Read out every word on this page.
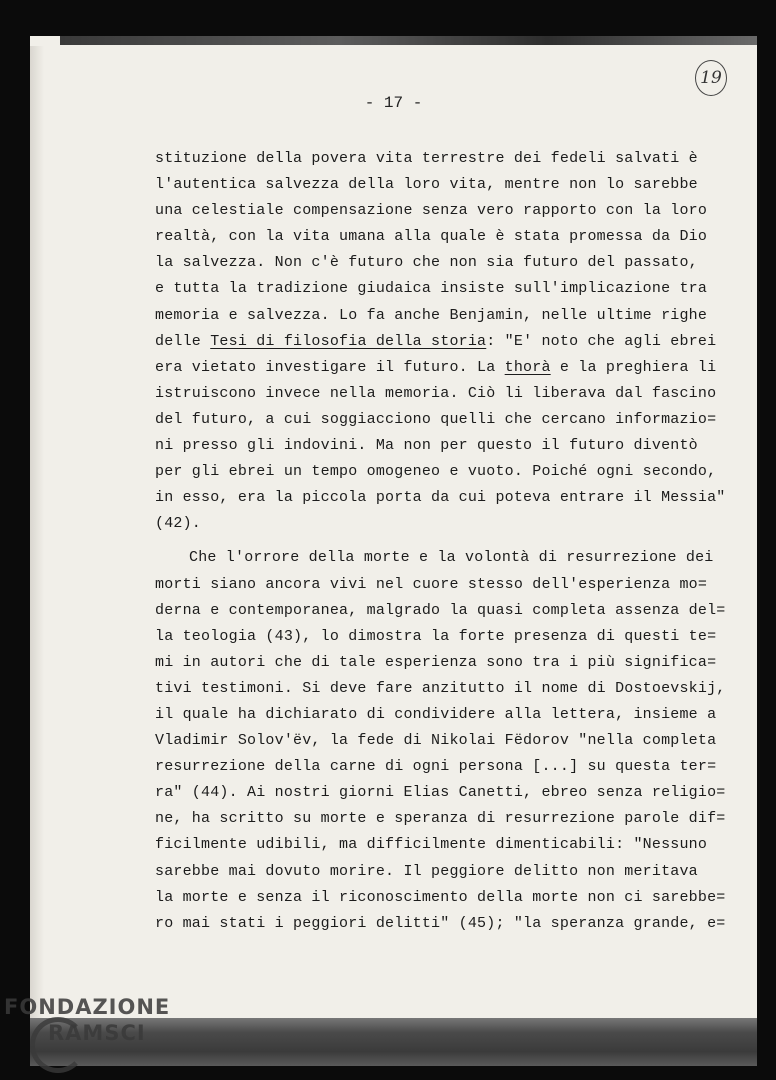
19
- 17 -
stituzione della povera vita terrestre dei fedeli salvati è
l'autentica salvezza della loro vita, mentre non lo sarebbe
una celestiale compensazione senza vero rapporto con la loro
realtà, con la vita umana alla quale è stata promessa da Dio
la salvezza. Non c'è futuro che non sia futuro del passato,
e tutta la tradizione giudaica insiste sull'implicazione tra
memoria e salvezza. Lo fa anche Benjamin, nelle ultime righe
delle Tesi di filosofia della storia: "E' noto che agli ebrei
era vietato investigare il futuro. La thorà e la preghiera li
istruiscono invece nella memoria. Ciò li liberava dal fascino
del futuro, a cui soggiacciono quelli che cercano informazio=
ni presso gli indovini. Ma non per questo il futuro diventò
per gli ebrei un tempo omogeneo e vuoto. Poiché ogni secondo,
in esso, era la piccola porta da cui poteva entrare il Messia"
(42).
Che l'orrore della morte e la volontà di resurrezione dei
morti siano ancora vivi nel cuore stesso dell'esperienza mo=
derna e contemporanea, malgrado la quasi completa assenza del=
la teologia (43), lo dimostra la forte presenza di questi te=
mi in autori che di tale esperienza sono tra i più significa=
tivi testimoni. Si deve fare anzitutto il nome di Dostoevskij,
il quale ha dichiarato di condividere alla lettera, insieme a
Vladimir Solov'ëv, la fede di Nikolai Fëdorov "nella completa
resurrezione della carne di ogni persona [...] su questa ter=
ra" (44). Ai nostri giorni Elias Canetti, ebreo senza religio=
ne, ha scritto su morte e speranza di resurrezione parole dif=
ficilmente udibili, ma difficilmente dimenticabili: "Nessuno
sarebbe mai dovuto morire. Il peggiore delitto non meritava
la morte e senza il riconoscimento della morte non ci sarebbe=
ro mai stati i peggiori delitti" (45); "la speranza grande, e=
FONDAZIONE
RAMSCI
